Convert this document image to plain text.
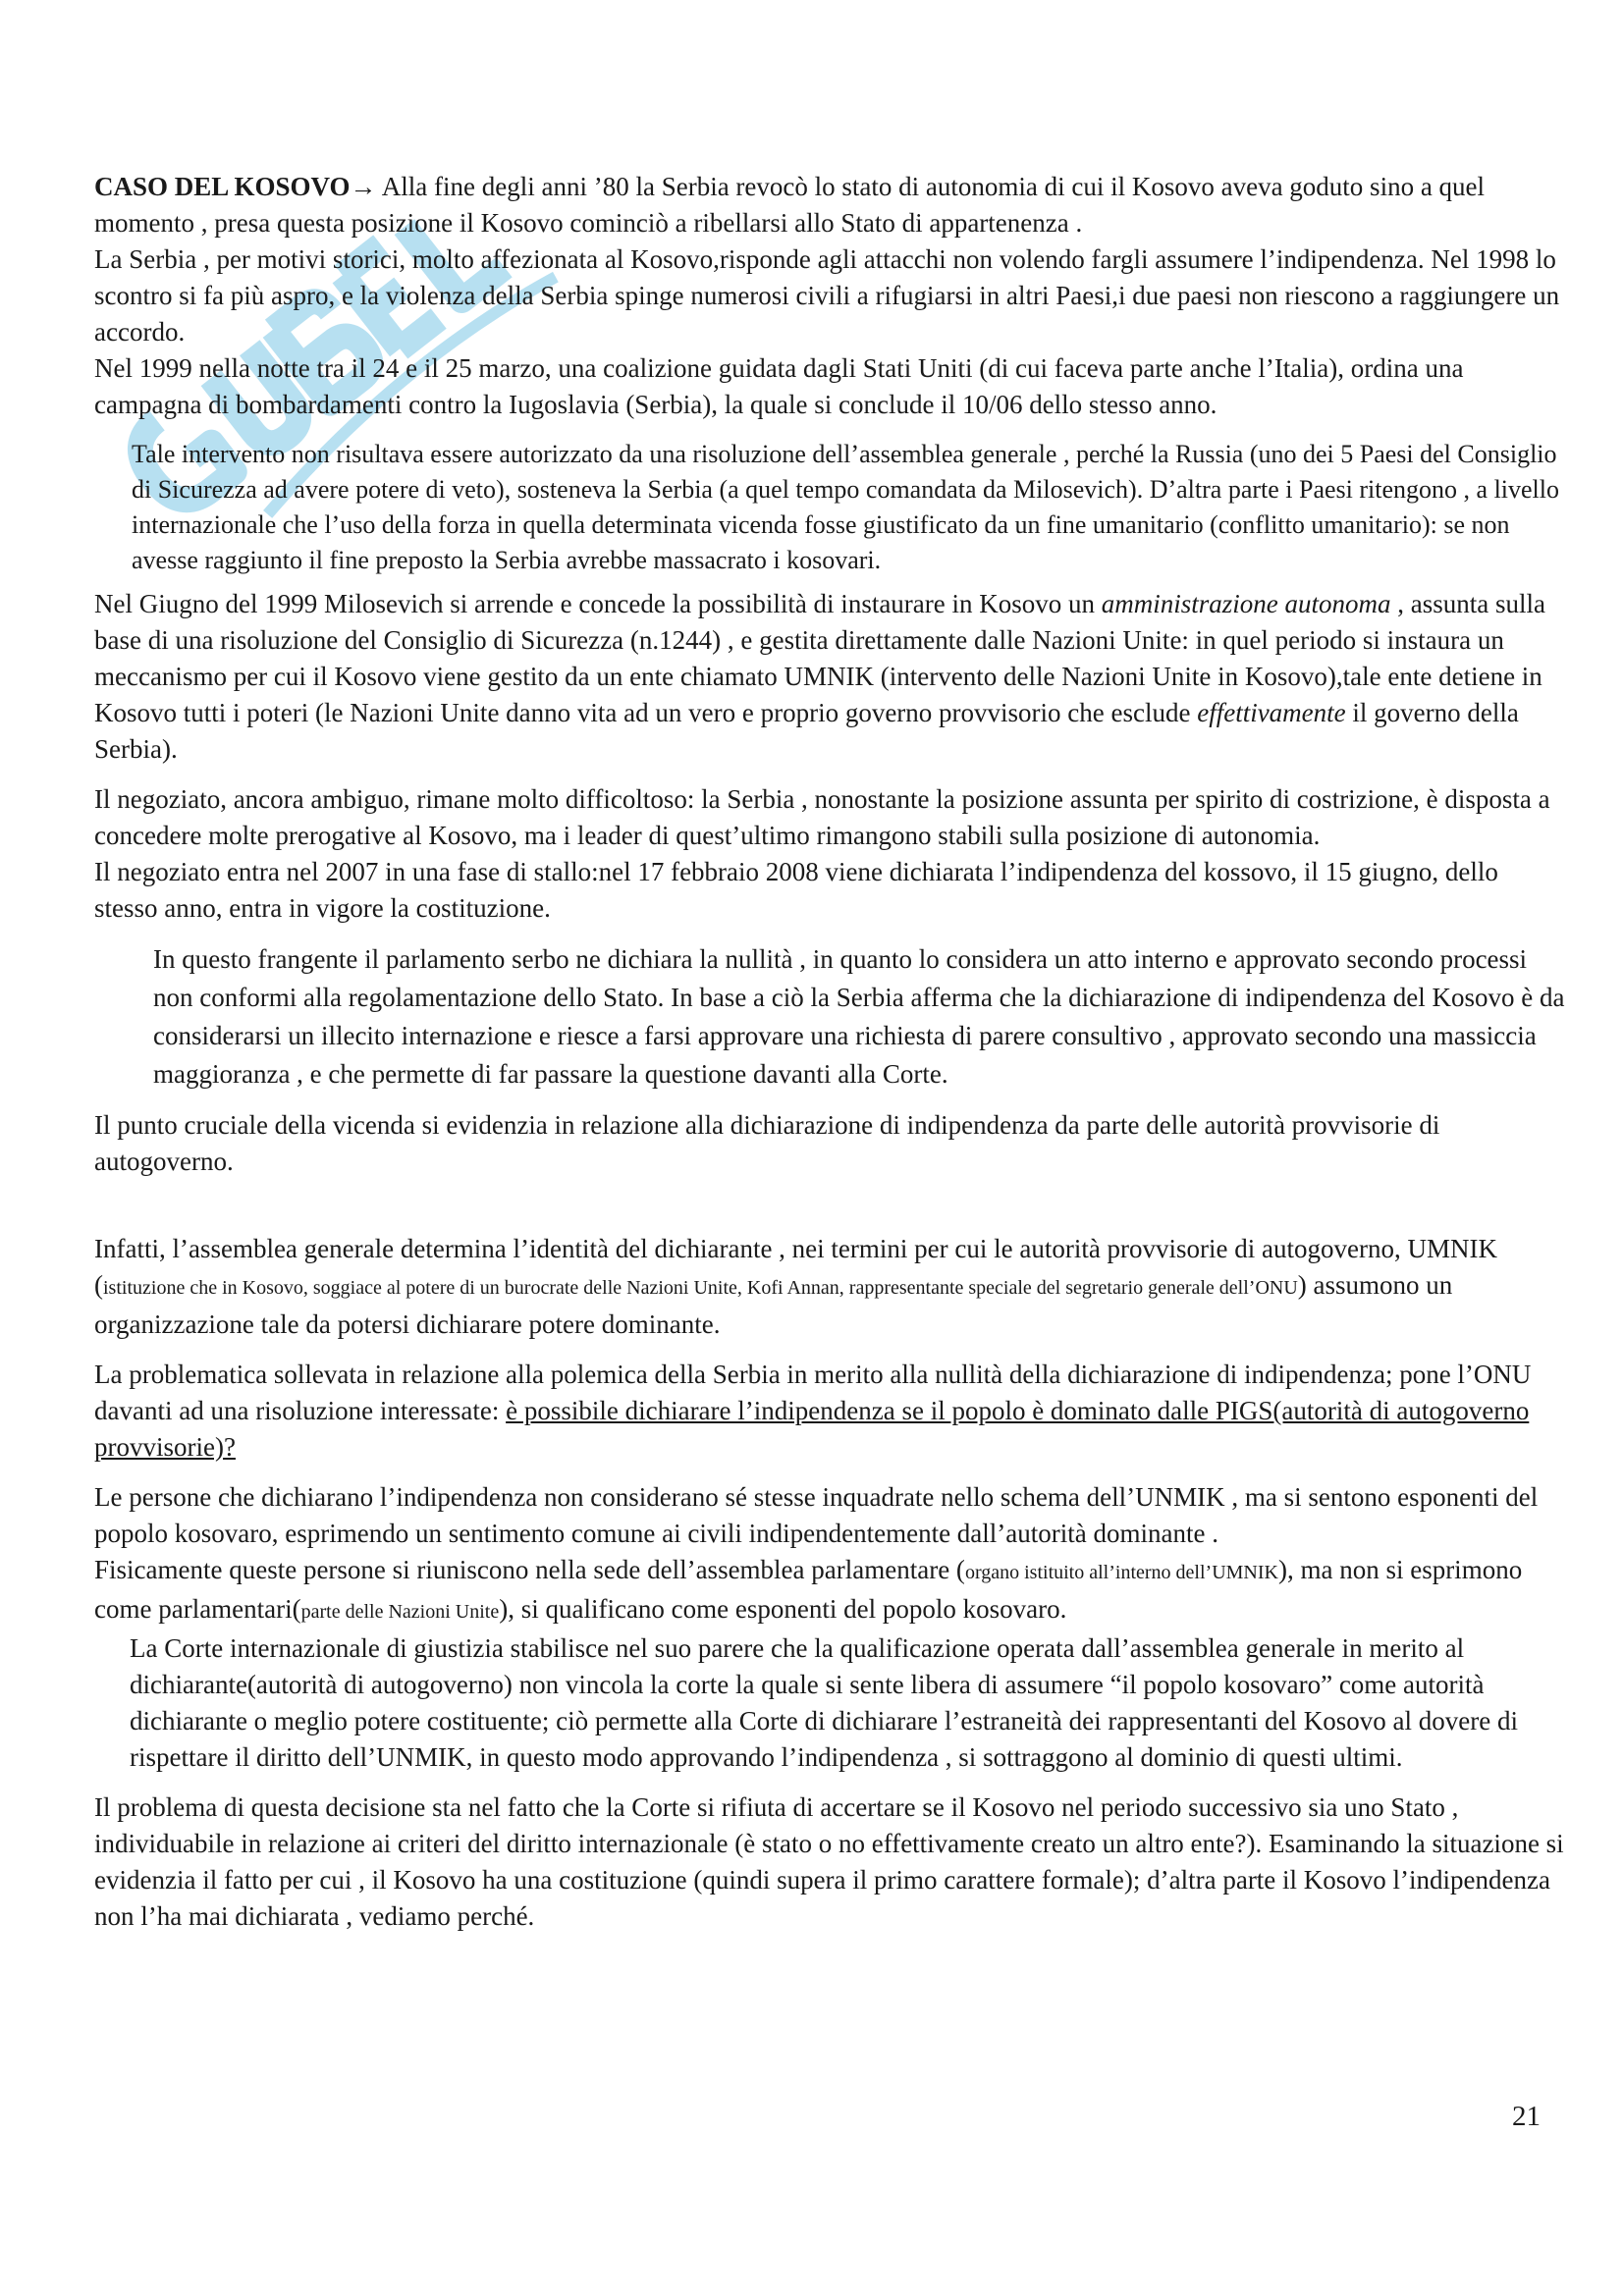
CASO DEL KOSOVO→ Alla fine degli anni ’80 la Serbia revocò lo stato di autonomia di cui il Kosovo aveva goduto sino a quel momento , presa questa posizione il Kosovo cominciò a ribellarsi allo Stato di appartenenza .

La Serbia , per motivi storici, molto affezionata al Kosovo,risponde agli attacchi non volendo fargli assumere l’indipendenza. Nel 1998 lo scontro si fa più aspro, e la violenza della Serbia spinge numerosi civili a rifugiarsi in altri Paesi,i due paesi non riescono a raggiungere un accordo.

Nel 1999 nella notte tra il 24 e il 25 marzo, una coalizione guidata dagli Stati Uniti (di cui faceva parte anche l’Italia), ordina una campagna di bombardamenti contro la Iugoslavia (Serbia), la quale si conclude il 10/06 dello stesso anno.

Tale intervento non risultava essere autorizzato da una risoluzione dell’assemblea generale , perché la Russia (uno dei 5 Paesi del Consiglio di Sicurezza ad avere potere di veto), sosteneva la Serbia (a quel tempo comandata da Milosevich). D’altra parte i Paesi ritengono , a livello internazionale che l’uso della forza in quella determinata vicenda fosse giustificato da un fine umanitario (conflitto umanitario): se non avesse raggiunto il fine preposto la Serbia avrebbe massacrato i kosovari.

Nel Giugno del 1999 Milosevich si arrende e concede la possibilità di instaurare in Kosovo un amministrazione autonoma , assunta sulla base di una risoluzione del Consiglio di Sicurezza (n.1244) , e gestita direttamente dalle Nazioni Unite: in quel periodo si instaura un meccanismo per cui il Kosovo viene gestito da un ente chiamato UMNIK (intervento delle Nazioni Unite in Kosovo),tale ente detiene in Kosovo tutti i poteri (le Nazioni Unite danno vita ad un vero e proprio governo provvisorio che esclude effettivamente il governo della Serbia).

Il negoziato, ancora ambiguo, rimane molto difficoltoso: la Serbia , nonostante la posizione assunta per spirito di costrizione, è disposta a concedere molte prerogative al Kosovo, ma i leader di quest’ultimo rimangono stabili sulla posizione di autonomia.

Il negoziato entra nel 2007 in una fase di stallo:nel 17 febbraio 2008 viene dichiarata l’indipendenza del kossovo, il 15 giugno, dello stesso anno, entra in vigore la costituzione.

In questo frangente il parlamento serbo ne dichiara la nullità , in quanto lo considera un atto interno e approvato secondo processi non conformi alla regolamentazione dello Stato. In base a ciò la Serbia afferma che la dichiarazione di indipendenza del Kosovo è da considerarsi un illecito internazione e riesce a farsi approvare una richiesta di parere consultivo , approvato secondo una massiccia maggioranza , e che permette di far passare la questione davanti alla Corte.

Il punto cruciale della vicenda si evidenzia in relazione alla dichiarazione di indipendenza da parte delle autorità provvisorie di autogoverno.

Infatti, l’assemblea generale determina l’identità del dichiarante , nei termini per cui le autorità provvisorie di autogoverno, UMNIK (istituzione che in Kosovo, soggiace al potere di un burocrate delle Nazioni Unite, Kofi Annan, rappresentante speciale del segretario generale dell’ONU) assumono un organizzazione tale da potersi dichiarare potere dominante.

La problematica sollevata in relazione alla polemica della Serbia in merito alla nullità della dichiarazione di indipendenza; pone l’ONU davanti ad una risoluzione interessate: è possibile dichiarare l’indipendenza se il popolo è dominato dalle PIGS(autorità di autogoverno provvisorie)?

Le persone che dichiarano l’indipendenza non considerano sé stesse inquadrate nello schema dell’UNMIK , ma si sentono esponenti del popolo kosovaro, esprimendo un sentimento comune ai civili indipendentemente dall’autorità dominante .

Fisicamente queste persone si riuniscono nella sede dell’assemblea parlamentare (organo istituito all’interno dell’UMNIK), ma non si esprimono come parlamentari(parte delle Nazioni Unite), si qualificano come esponenti del popolo kosovaro.

La Corte internazionale di giustizia stabilisce nel suo parere che la qualificazione operata dall’assemblea generale in merito al dichiarante(autorità di autogoverno) non vincola la corte la quale si sente libera di assumere “il popolo kosovaro” come autorità dichiarante o meglio potere costituente; ciò permette alla Corte di dichiarare l’estraneità dei rappresentanti del Kosovo al dovere di rispettare il diritto dell’UNMIK, in questo modo approvando l’indipendenza , si sottraggono al dominio di questi ultimi.

Il problema di questa decisione sta nel fatto che la Corte si rifiuta di accertare se il Kosovo nel periodo successivo sia uno Stato , individuabile in relazione ai criteri del diritto internazionale (è stato o no effettivamente creato un altro ente?). Esaminando la situazione si evidenzia il fatto per cui , il Kosovo ha una costituzione (quindi supera il primo carattere formale); d’altra parte il Kosovo l’indipendenza non l’ha mai dichiarata , vediamo perché.

21
